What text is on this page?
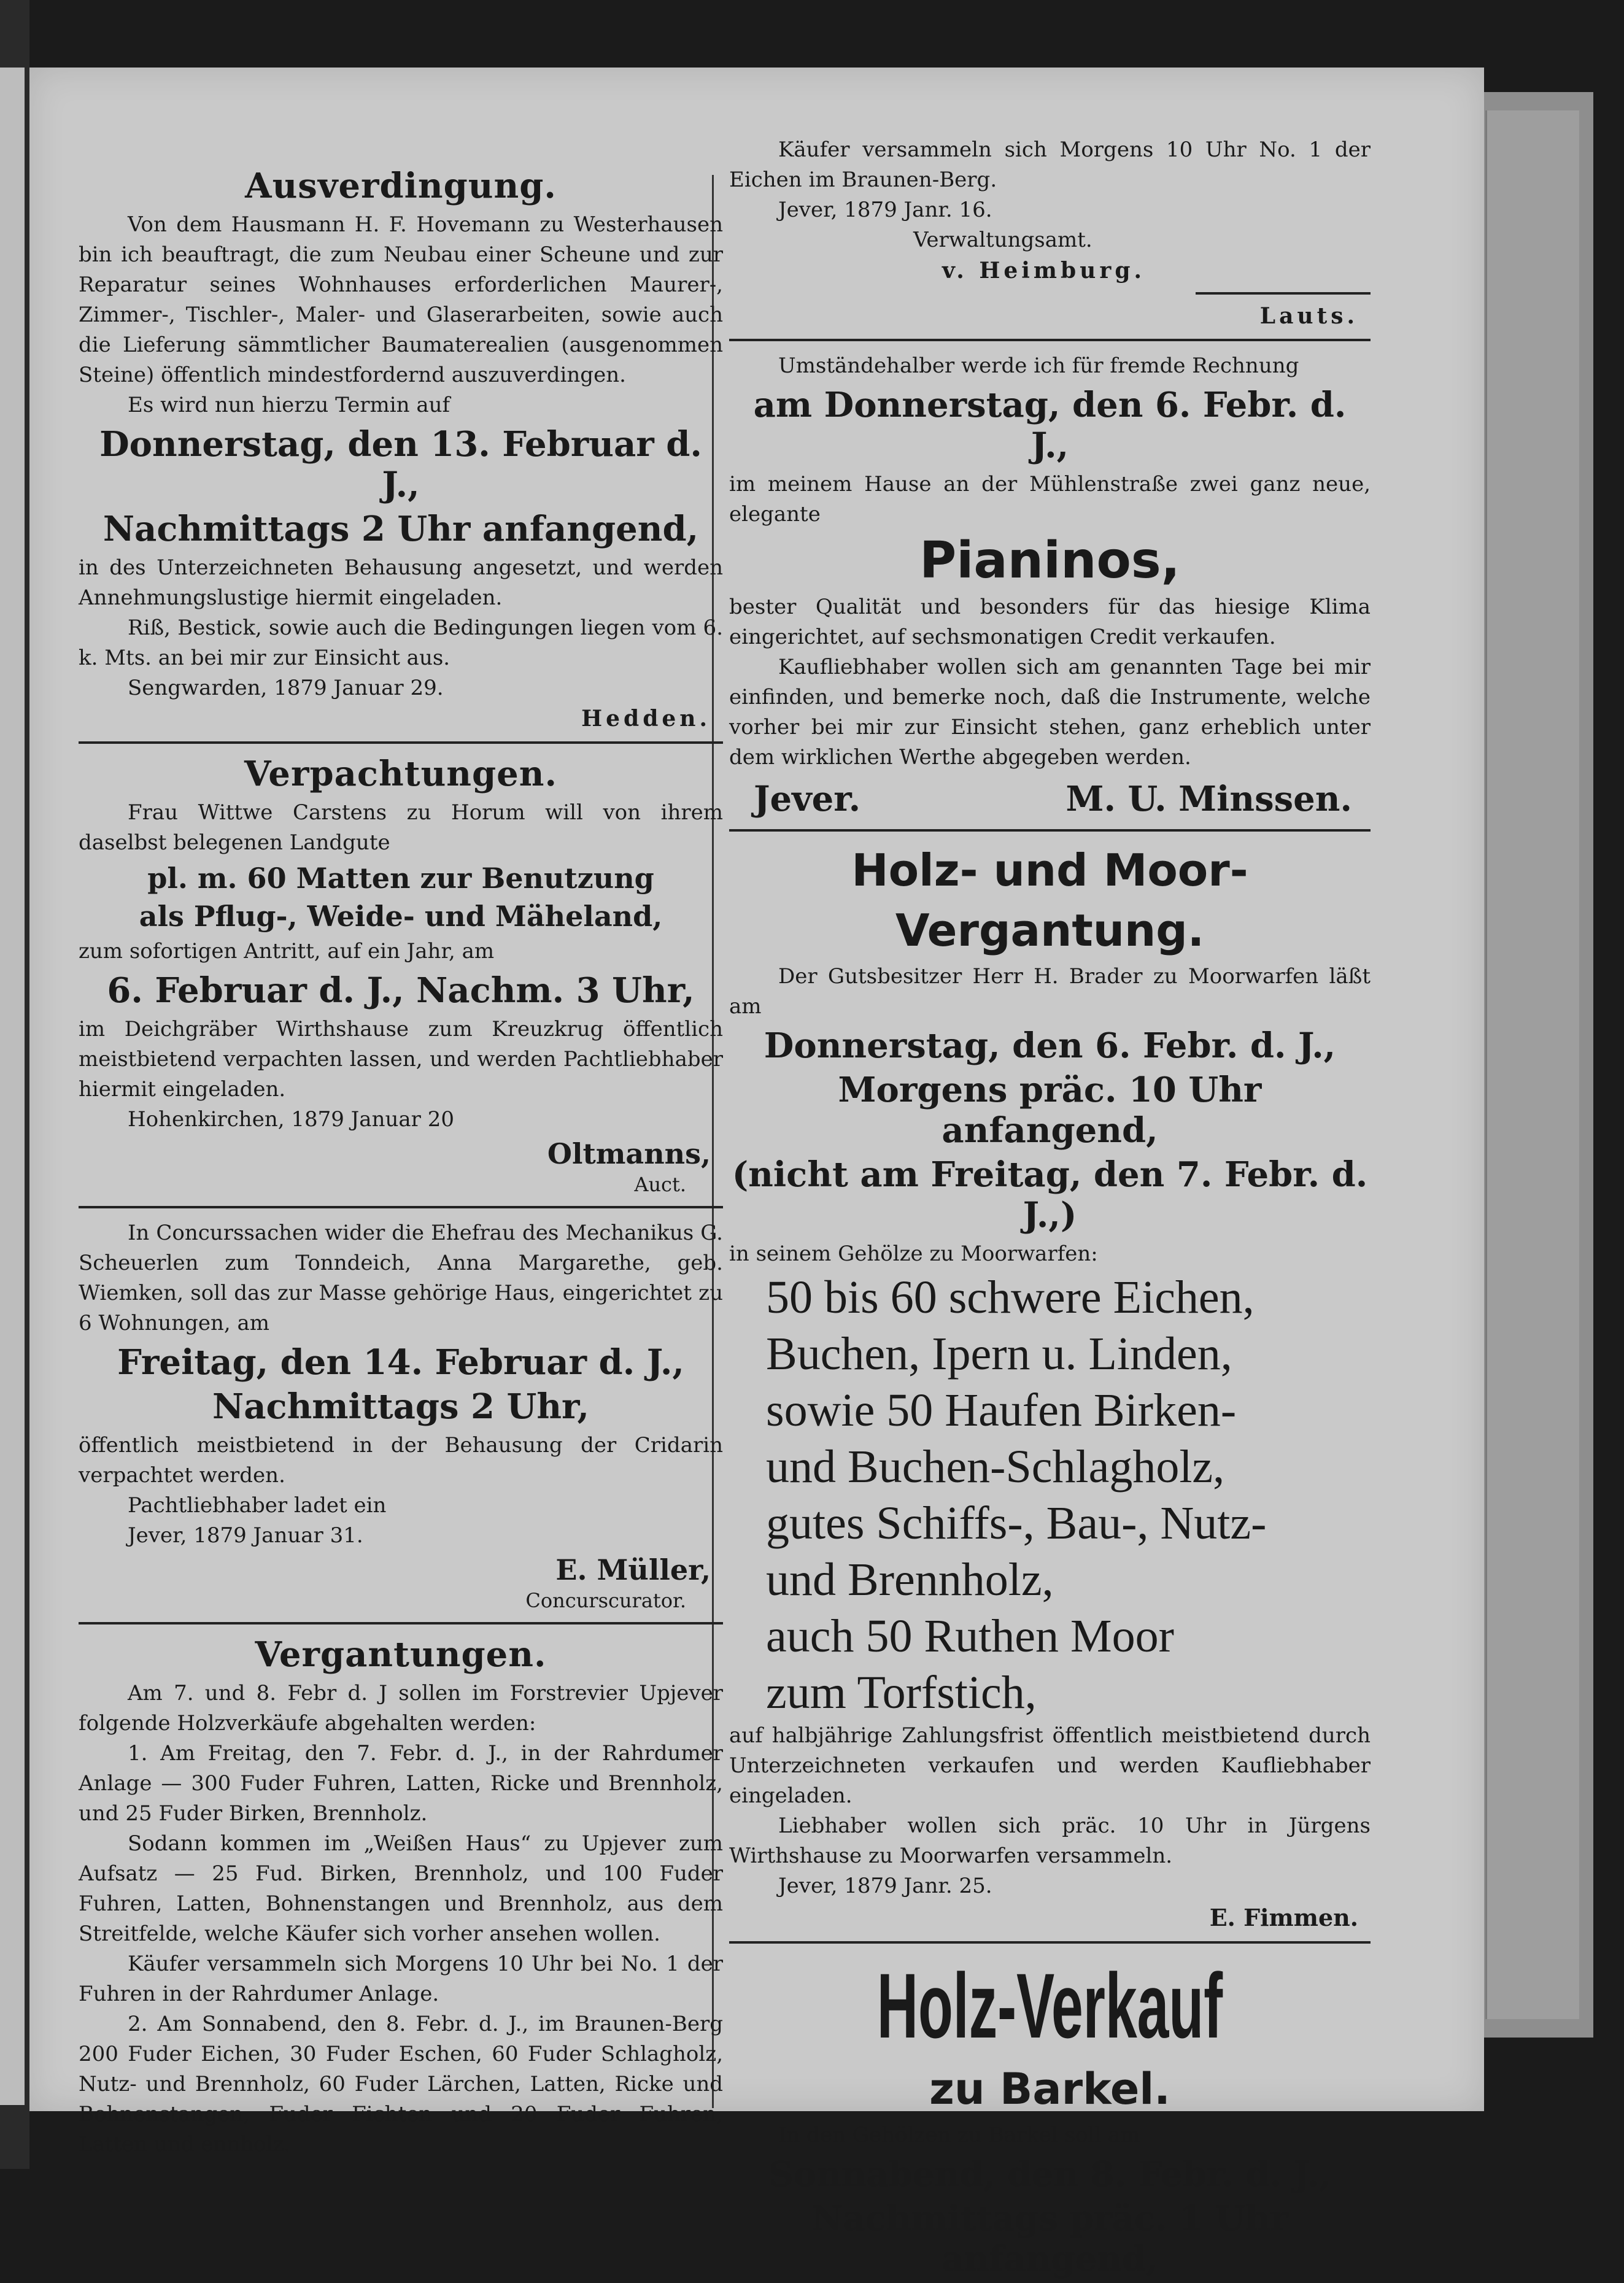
Ausverdingung.

Von dem Hausmann H. F. Hovemann zu Westerhausen bin ich beauftragt, die zum Neubau einer Scheune und zur Reparatur seines Wohnhauses erforderlichen Maurer-, Zimmer-, Tischler-, Maler- und Glaserarbeiten, sowie auch die Lieferung sämmtlicher Baumaterealien (ausgenommen Steine) öffentlich mindestfordernd auszuverdingen.

Es wird nun hierzu Termin auf

Donnerstag, den 13. Februar d. J.,
Nachmittags 2 Uhr anfangend,

in des Unterzeichneten Behausung angesetzt, und werden Annehmungslustige hiermit eingeladen.

Riß, Bestick, sowie auch die Bedingungen liegen vom 6. k. Mts. an bei mir zur Einsicht aus.

Sengwarden, 1879 Januar 29.

Hedden.
Verpachtungen.

Frau Wittwe Carstens zu Horum will von ihrem daselbst belegenen Landgute

pl. m. 60 Matten zur Benutzung
als Pflug-, Weide- und Mäheland,

zum sofortigen Antritt, auf ein Jahr, am

6. Februar d. J., Nachm. 3 Uhr,

im Deichgräber Wirthshause zum Kreuzkrug öffentlich meistbietend verpachten lassen, und werden Pachtliebhaber hiermit eingeladen.

Hohenkirchen, 1879 Januar 20

Oltmanns,
Auct.

In Concurssachen wider die Ehefrau des Mechanikus G. Scheuerlen zum Tonndeich, Anna Margarethe, geb. Wiemken, soll das zur Masse gehörige Haus, eingerichtet zu 6 Wohnungen, am

Freitag, den 14. Februar d. J.,
Nachmittags 2 Uhr,

öffentlich meistbietend in der Behausung der Cridarin verpachtet werden.

Pachtliebhaber ladet ein

Jever, 1879 Januar 31.

E. Müller,
Concurscurator.
Vergantungen.

Am 7. und 8. Febr d. J sollen im Forstrevier Upjever folgende Holzverkäufe abgehalten werden:

1. Am Freitag, den 7. Febr. d. J., in der Rahrdumer Anlage — 300 Fuder Fuhren, Latten, Ricke und Brennholz, und 25 Fuder Birken, Brennholz.

Sodann kommen im „Weißen Haus“ zu Upjever zum Aufsatz — 25 Fud. Birken, Brennholz, und 100 Fuder Fuhren, Latten, Bohnenstangen und Brennholz, aus dem Streitfelde, welche Käufer sich vorher ansehen wollen.

Käufer versammeln sich Morgens 10 Uhr bei No. 1 der Fuhren in der Rahrdumer Anlage.

2. Am Sonnabend, den 8. Febr. d. J., im Braunen-Berg 200 Fuder Eichen, 30 Fuder Eschen, 60 Fuder Schlagholz, Nutz- und Brennholz, 60 Fuder Lärchen, Latten, Ricke und Bohnenstangen, Fuder Fichten und 20 Fuder Fuhren, Latten und ennholz.

Käufer versammeln sich Morgens 10 Uhr No. 1 der Eichen im Braunen-Berg.

Jever, 1879 Janr. 16.

Verwaltungsamt.

v. Heimburg.
Lauts.

Umständehalber werde ich für fremde Rechnung

am Donnerstag, den 6. Febr. d. J.,

im meinem Hause an der Mühlenstraße zwei ganz neue, elegante

Pianinos,

bester Qualität und besonders für das hiesige Klima eingerichtet, auf sechsmonatigen Credit verkaufen.

Kaufliebhaber wollen sich am genannten Tage bei mir einfinden, und bemerke noch, daß die Instrumente, welche vorher bei mir zur Einsicht stehen, ganz erheblich unter dem wirklichen Werthe abgegeben werden.

Jever.	M. U. Minssen.
Holz- und Moor-
Vergantung.

Der Gutsbesitzer Herr H. Brader zu Moorwarfen läßt am

Donnerstag, den 6. Febr. d. J.,
Morgens präc. 10 Uhr anfangend,
(nicht am Freitag, den 7. Febr. d. J.,)

in seinem Gehölze zu Moorwarfen:

50 bis 60 schwere Eichen,
Buchen, Ipern u. Linden,
sowie 50 Haufen Birken-
und Buchen-Schlagholz,
gutes Schiffs-, Bau-, Nutz-
und Brennholz,
auch 50 Ruthen Moor
zum Torfstich,

auf halbjährige Zahlungsfrist öffentlich meistbietend durch Unterzeichneten verkaufen und werden Kaufliebhaber eingeladen.

Liebhaber wollen sich präc. 10 Uhr in Jürgens Wirthshause zu Moorwarfen versammeln.

Jever, 1879 Janr. 25.

E. Fimmen.
Holz-Verkauf
zu Barkel.

In den Gehölzen zu Barkel soll am

Sonnabend, den 8. Febr. d. J.,
Nachmittags präc. 1 Uhr anfangend,
